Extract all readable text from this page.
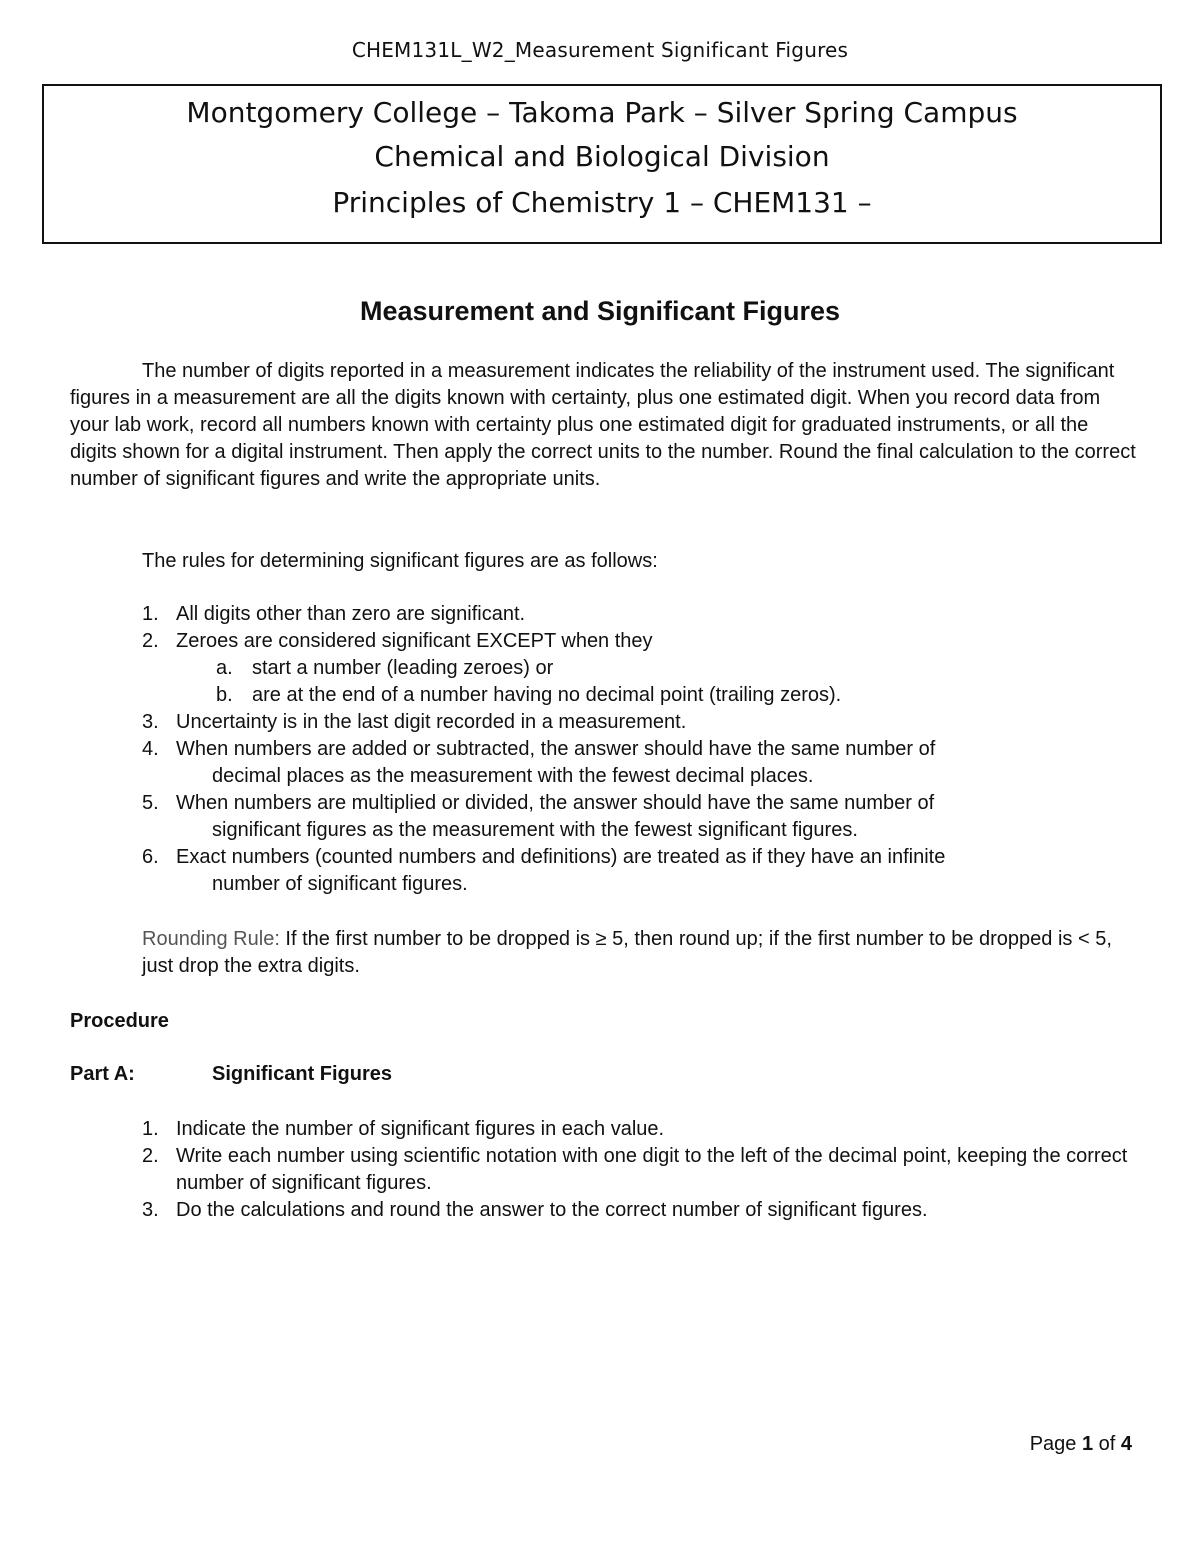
CHEM131L_W2_Measurement Significant Figures
Montgomery College – Takoma Park – Silver Spring Campus
Chemical and Biological Division
Principles of Chemistry 1 – CHEM131 –
Measurement and Significant Figures

The number of digits reported in a measurement indicates the reliability of the instrument used. The significant figures in a measurement are all the digits known with certainty, plus one estimated digit. When you record data from your lab work, record all numbers known with certainty plus one estimated digit for graduated instruments, or all the digits shown for a digital instrument. Then apply the correct units to the number. Round the final calculation to the correct number of significant figures and write the appropriate units.

The rules for determining significant figures are as follows:

1. All digits other than zero are significant.
2. Zeroes are considered significant EXCEPT when they
a. start a number (leading zeroes) or
b. are at the end of a number having no decimal point (trailing zeros).
3. Uncertainty is in the last digit recorded in a measurement.
4. When numbers are added or subtracted, the answer should have the same number of
decimal places as the measurement with the fewest decimal places.
5. When numbers are multiplied or divided, the answer should have the same number of
significant figures as the measurement with the fewest significant figures.
6. Exact numbers (counted numbers and definitions) are treated as if they have an infinite
number of significant figures.

Rounding Rule: If the first number to be dropped is ≥ 5, then round up; if the first number to be dropped is < 5, just drop the extra digits.

Procedure

Part A:	Significant Figures

1. Indicate the number of significant figures in each value.
2. Write each number using scientific notation with one digit to the left of the decimal point, keeping the correct number of significant figures.
3. Do the calculations and round the answer to the correct number of significant figures.
Page 1 of 4
